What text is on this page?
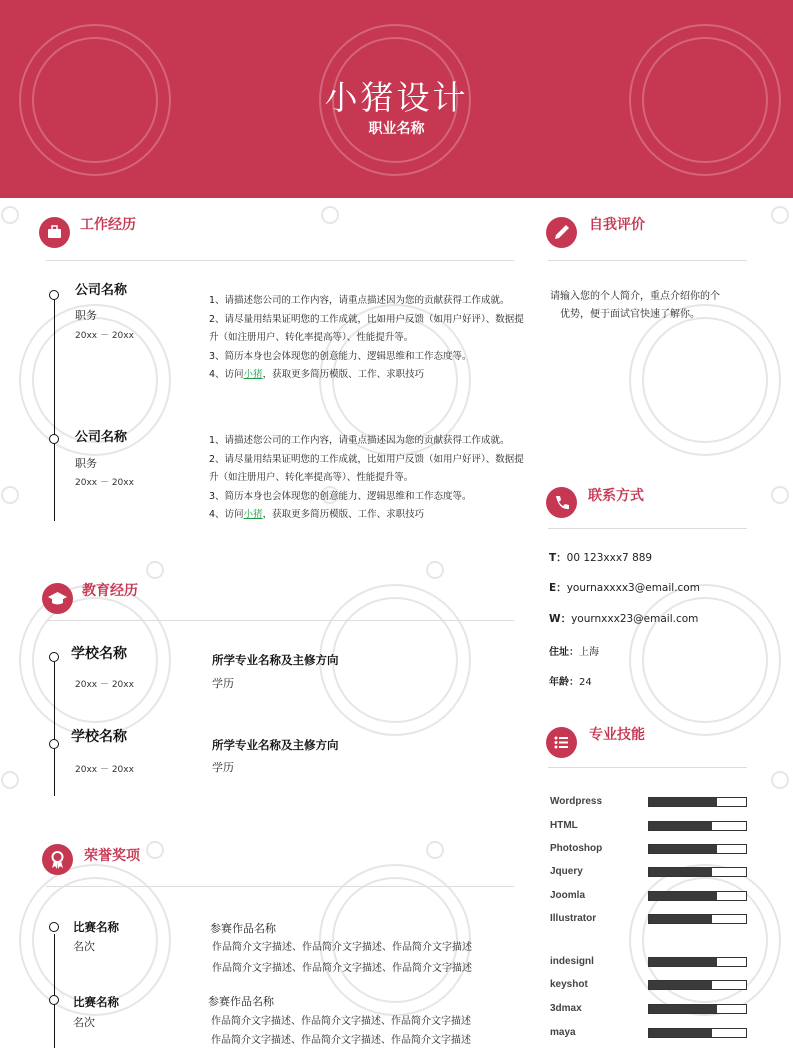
小猪设计
职业名称
工作经历
公司名称
职务
20xx － 20xx
1、请描述您公司的工作内容，请重点描述因为您的贡献获得工作成就。
2、请尽量用结果证明您的工作成就，比如用户反馈（如用户好评）、数据提升（如注册用户、转化率提高等）、性能提升等。
3、简历本身也会体现您的创意能力、逻辑思维和工作态度等。
4、访问小猪，获取更多简历模版、工作、求职技巧
公司名称
职务
20xx － 20xx
1、请描述您公司的工作内容，请重点描述因为您的贡献获得工作成就。
2、请尽量用结果证明您的工作成就，比如用户反馈（如用户好评）、数据提升（如注册用户、转化率提高等）、性能提升等。
3、简历本身也会体现您的创意能力、逻辑思维和工作态度等。
4、访问小猪，获取更多简历模版、工作、求职技巧
教育经历
学校名称
20xx － 20xx
所学专业名称及主修方向
学历
学校名称
20xx － 20xx
所学专业名称及主修方向
学历
荣誉奖项
比赛名称
名次
参赛作品名称
作品简介文字描述、作品简介文字描述、作品简介文字描述
作品简介文字描述、作品简介文字描述、作品简介文字描述
比赛名称
名次
参赛作品名称
作品简介文字描述、作品简介文字描述、作品简介文字描述
作品简介文字描述、作品简介文字描述、作品简介文字描述
自我评价
请输入您的个人简介，重点介绍你的个
优势，便于面试官快速了解你。
联系方式
T：00 123xxx7 889
E：yournaxxxx3@email.com
W：yournxxx23@email.com
住址：上海
年龄：24
专业技能
Wordpress
HTML
Photoshop
Jquery
Joomla
Illustrator
indesignl
keyshot
3dmax
maya
